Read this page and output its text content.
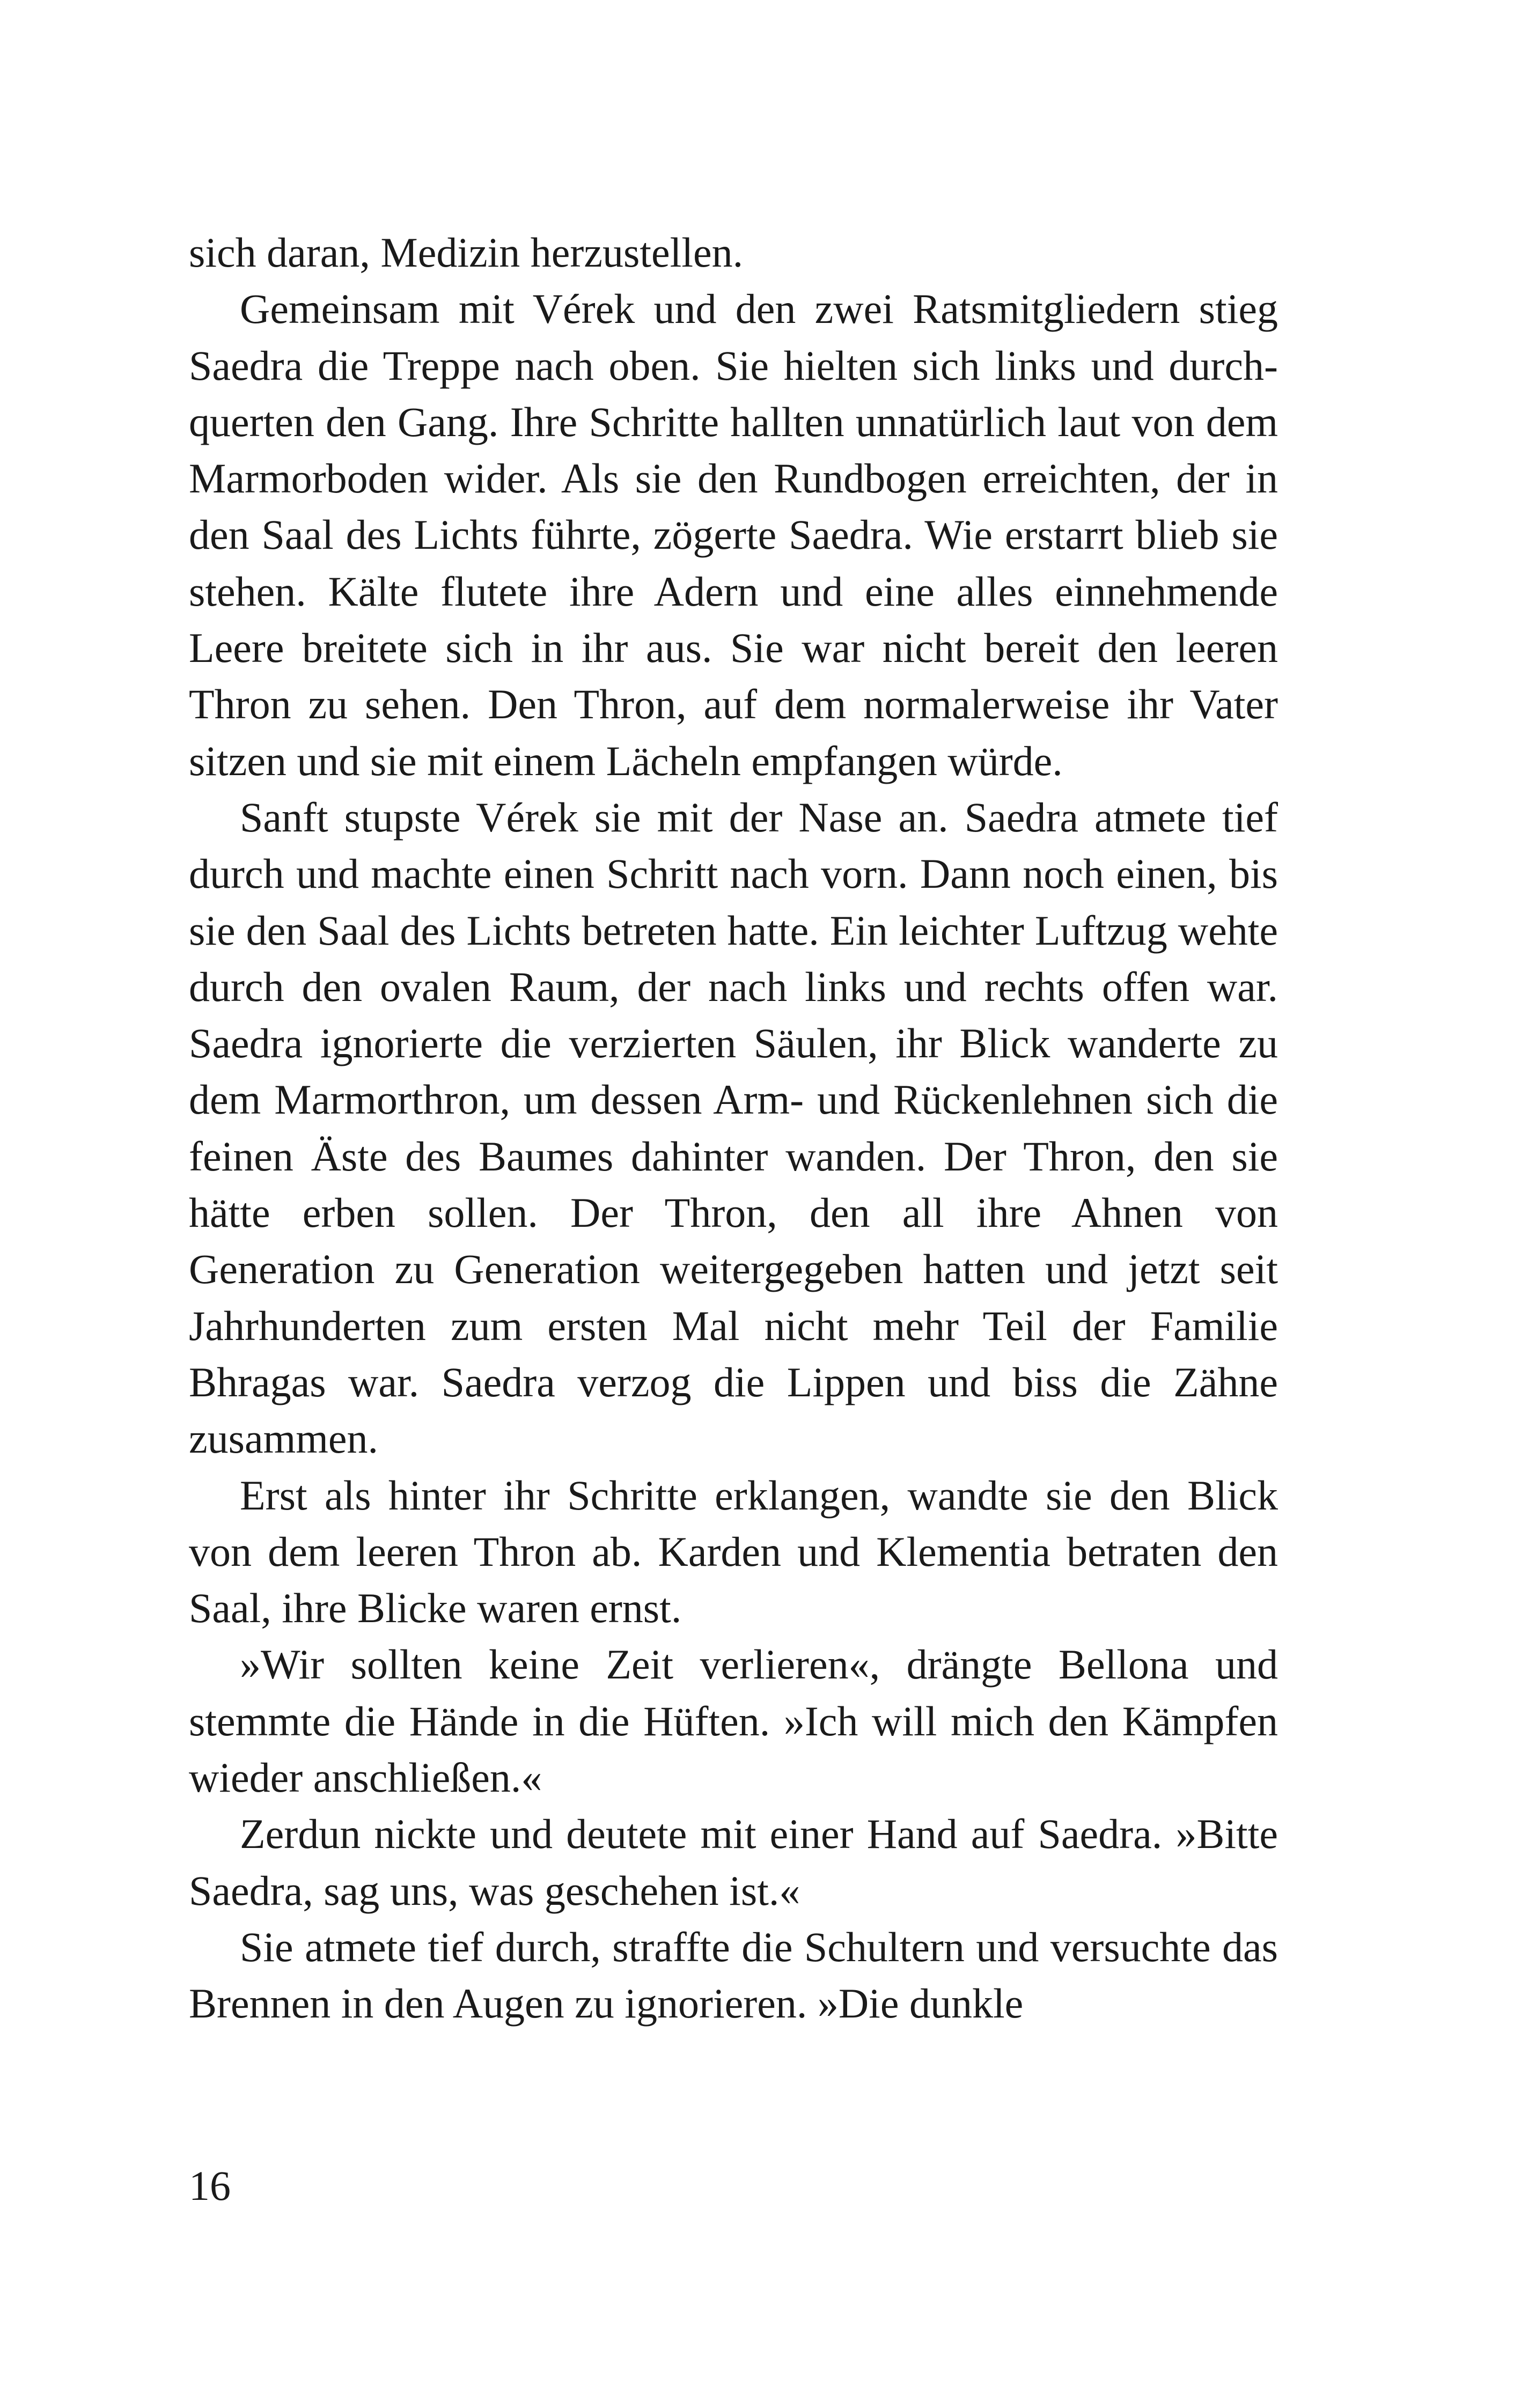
sich daran, Medizin herzustellen.

Gemeinsam mit Vérek und den zwei Ratsmitgliedern stieg Saedra die Treppe nach oben. Sie hielten sich links und durchquerten den Gang. Ihre Schritte hallten unnatürlich laut von dem Marmorboden wider. Als sie den Rundbogen erreichten, der in den Saal des Lichts führte, zögerte Saedra. Wie erstarrt blieb sie stehen. Kälte flutete ihre Adern und eine alles einnehmende Leere breitete sich in ihr aus. Sie war nicht bereit den leeren Thron zu sehen. Den Thron, auf dem normalerweise ihr Vater sitzen und sie mit einem Lächeln empfangen würde.

Sanft stupste Vérek sie mit der Nase an. Saedra atmete tief durch und machte einen Schritt nach vorn. Dann noch einen, bis sie den Saal des Lichts betreten hatte. Ein leichter Luftzug wehte durch den ovalen Raum, der nach links und rechts offen war. Saedra ignorierte die verzierten Säulen, ihr Blick wanderte zu dem Marmorthron, um dessen Arm- und Rückenlehnen sich die feinen Äste des Baumes dahinter wanden. Der Thron, den sie hätte erben sollen. Der Thron, den all ihre Ahnen von Generation zu Generation weitergegeben hatten und jetzt seit Jahrhunderten zum ersten Mal nicht mehr Teil der Familie Bhragas war. Saedra verzog die Lippen und biss die Zähne zusammen.

Erst als hinter ihr Schritte erklangen, wandte sie den Blick von dem leeren Thron ab. Karden und Klementia betraten den Saal, ihre Blicke waren ernst.

»Wir sollten keine Zeit verlieren«, drängte Bellona und stemmte die Hände in die Hüften. »Ich will mich den Kämpfen wieder anschließen.«

Zerdun nickte und deutete mit einer Hand auf Saedra. »Bitte Saedra, sag uns, was geschehen ist.«

Sie atmete tief durch, straffte die Schultern und versuchte das Brennen in den Augen zu ignorieren. »Die dunkle

16
